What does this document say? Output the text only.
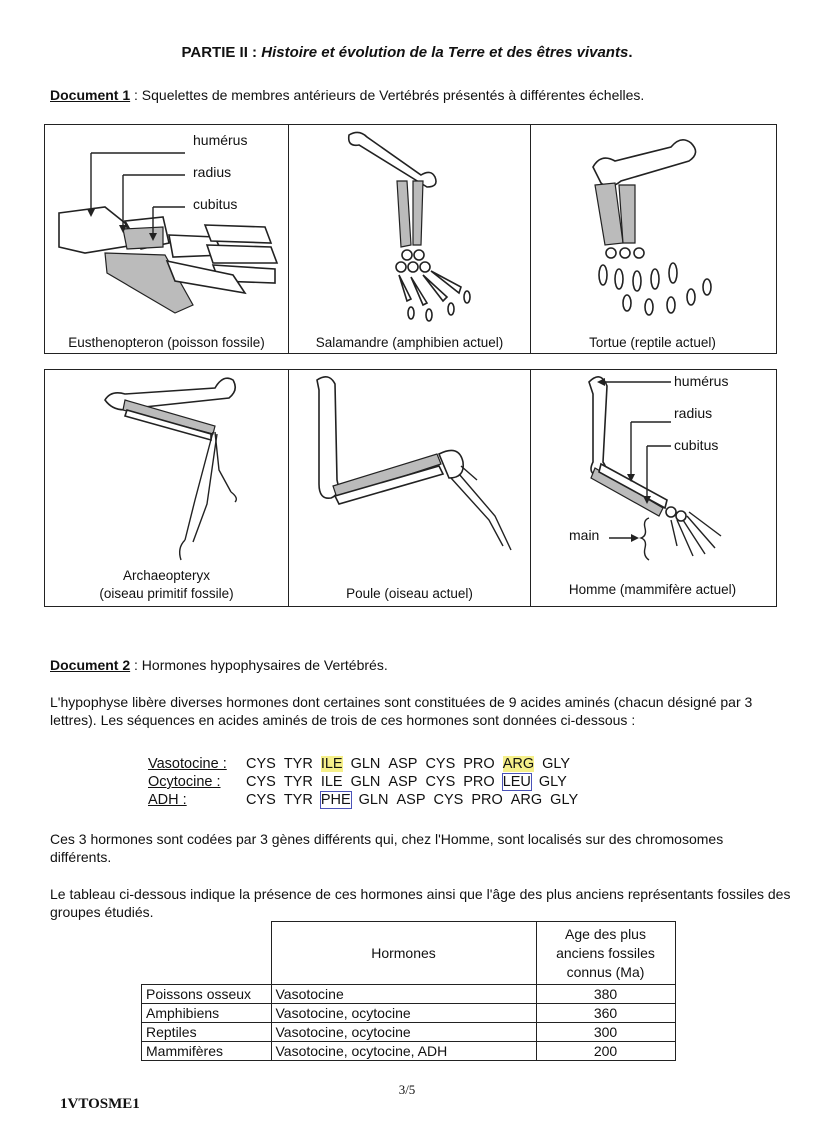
PARTIE II : Histoire et évolution de la Terre et des êtres vivants.
Document 1 : Squelettes de membres antérieurs de Vertébrés présentés à différentes échelles.
humérus
radius
cubitus
Eusthenopteron (poisson fossile)	Salamandre (amphibien actuel)	Tortue (reptile actuel)
Archaeopteryx
(oiseau primitif fossile)	Poule (oiseau actuel)
humérus
radius
cubitus
main
Homme (mammifère actuel)
Document 2 : Hormones hypophysaires de Vertébrés.

L'hypophyse libère diverses hormones dont certaines sont constituées de 9 acides aminés (chacun désigné par 3 lettres). Les séquences en acides aminés de trois de ces hormones sont données ci-dessous :

Vasotocine : CYS TYR ILE GLN ASP CYS PRO ARG GLY
Ocytocine : CYS TYR ILE GLN ASP CYS PRO LEU GLY
ADH :	CYS TYR PHE GLN ASP CYS PRO ARG GLY

Ces 3 hormones sont codées par 3 gènes différents qui, chez l'Homme, sont localisés sur des chromosomes différents.

Le tableau ci-dessous indique la présence de ces hormones ainsi que l'âge des plus anciens représentants fossiles des groupes étudiés.

	Hormones	Age des plus anciens fossiles connus (Ma)
Poissons osseux	Vasotocine	380
Amphibiens	Vasotocine, ocytocine	360
Reptiles	Vasotocine, ocytocine	300
Mammifères	Vasotocine, ocytocine, ADH	200
3/5
1VTOSME1
